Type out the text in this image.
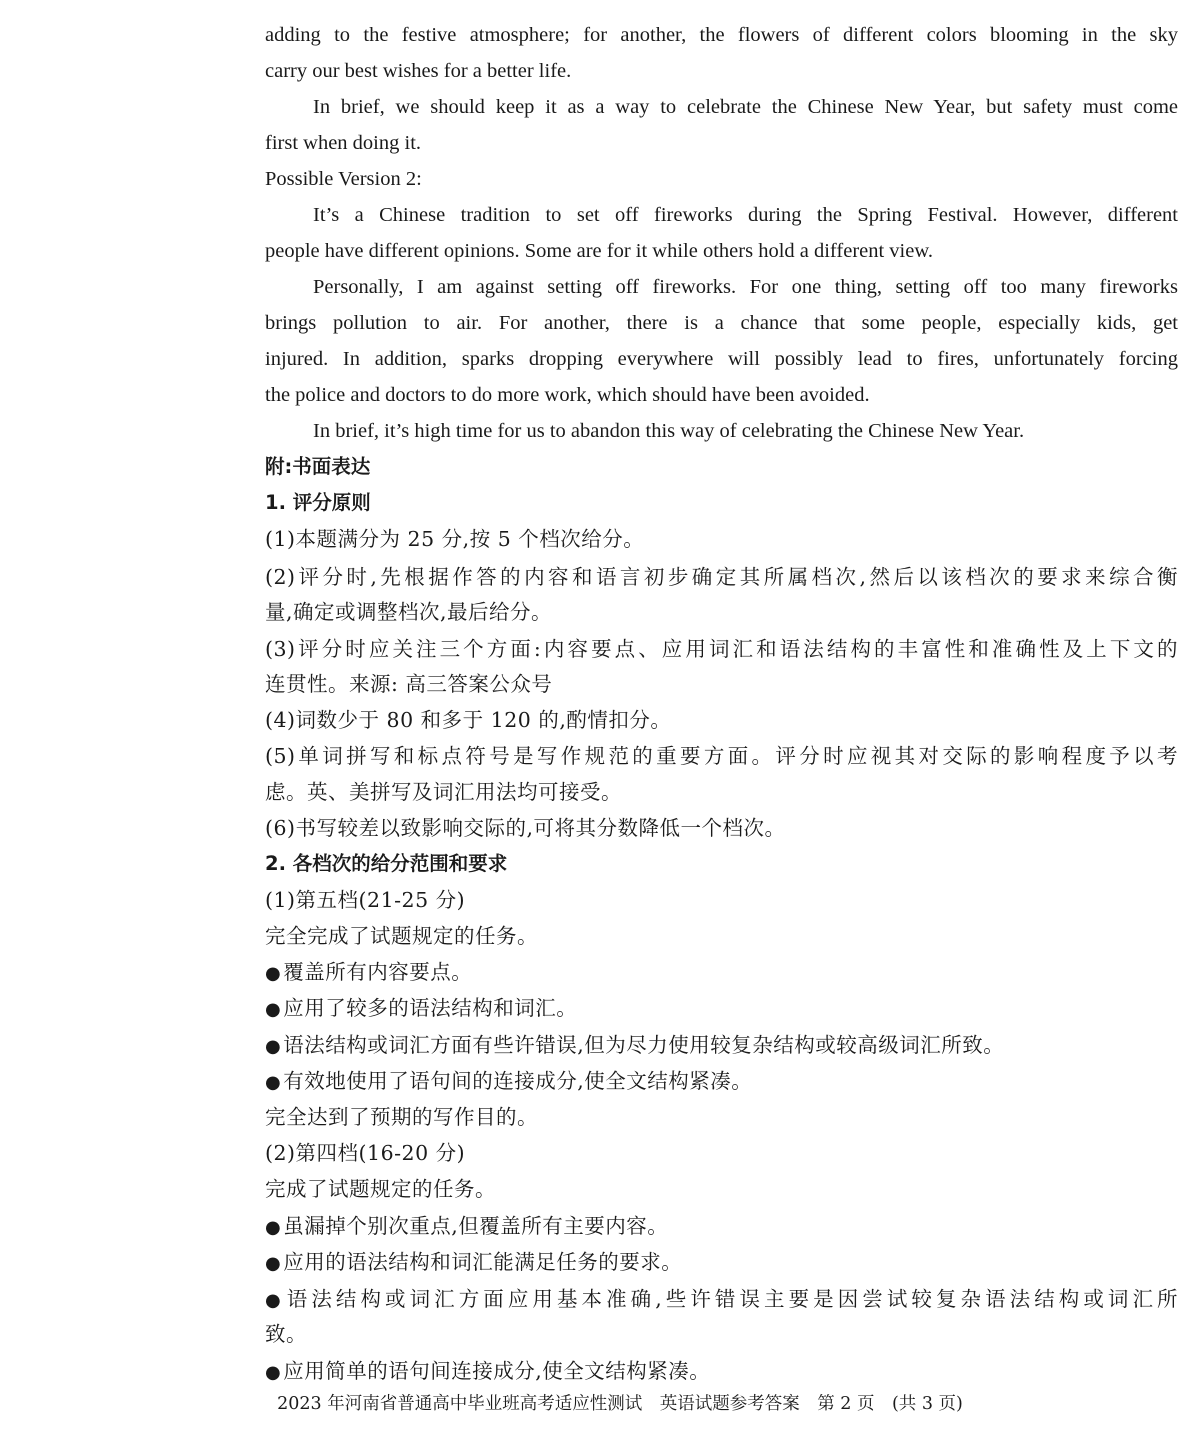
adding to the festive atmosphere; for another, the flowers of different colors blooming in the sky
carry our best wishes for a better life.
In brief, we should keep it as a way to celebrate the Chinese New Year, but safety must come
first when doing it.
Possible Version 2:
It’s a Chinese tradition to set off fireworks during the Spring Festival. However, different
people have different opinions. Some are for it while others hold a different view.
Personally, I am against setting off fireworks. For one thing, setting off too many fireworks
brings pollution to air. For another, there is a chance that some people, especially kids, get
injured. In addition, sparks dropping everywhere will possibly lead to fires, unfortunately forcing
the police and doctors to do more work, which should have been avoided.
In brief, it’s high time for us to abandon this way of celebrating the Chinese New Year.
附:书面表达
1. 评分原则
(1)本题满分为 25 分,按 5 个档次给分。
(2)评分时,先根据作答的内容和语言初步确定其所属档次,然后以该档次的要求来综合衡
量,确定或调整档次,最后给分。
(3)评分时应关注三个方面:内容要点、应用词汇和语法结构的丰富性和准确性及上下文的
连贯性。来源: 高三答案公众号
(4)词数少于 80 和多于 120 的,酌情扣分。
(5)单词拼写和标点符号是写作规范的重要方面。评分时应视其对交际的影响程度予以考
虑。英、美拼写及词汇用法均可接受。
(6)书写较差以致影响交际的,可将其分数降低一个档次。
2. 各档次的给分范围和要求
(1)第五档(21-25 分)
完全完成了试题规定的任务。
●覆盖所有内容要点。
●应用了较多的语法结构和词汇。
●语法结构或词汇方面有些许错误,但为尽力使用较复杂结构或较高级词汇所致。
●有效地使用了语句间的连接成分,使全文结构紧凑。
完全达到了预期的写作目的。
(2)第四档(16-20 分)
完成了试题规定的任务。
●虽漏掉个别次重点,但覆盖所有主要内容。
●应用的语法结构和词汇能满足任务的要求。
●语法结构或词汇方面应用基本准确,些许错误主要是因尝试较复杂语法结构或词汇所
致。
●应用简单的语句间连接成分,使全文结构紧凑。
2023 年河南省普通高中毕业班高考适应性测试　英语试题参考答案　第 2 页　(共 3 页)
